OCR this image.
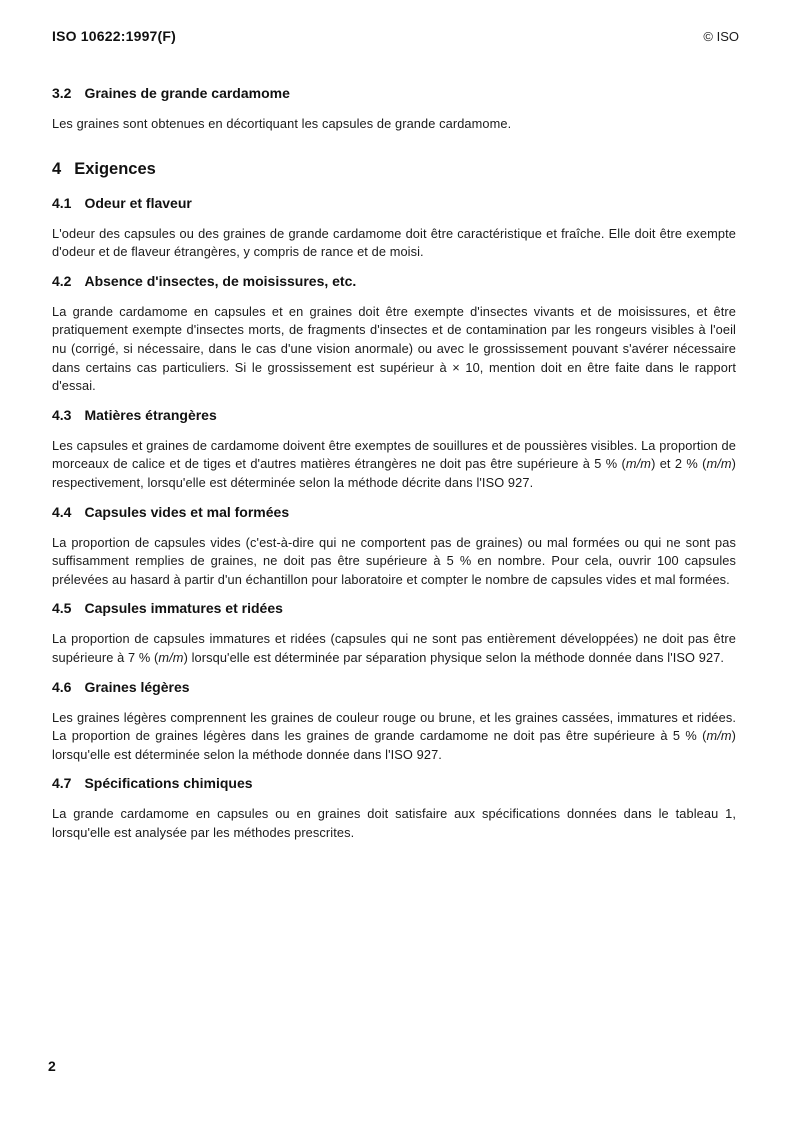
ISO 10622:1997(F)	© ISO
3.2 Graines de grande cardamome

Les graines sont obtenues en décortiquant les capsules de grande cardamome.

4 Exigences
4.1 Odeur et flaveur

L'odeur des capsules ou des graines de grande cardamome doit être caractéristique et fraîche. Elle doit être exempte d'odeur et de flaveur étrangères, y compris de rance et de moisi.

4.2 Absence d'insectes, de moisissures, etc.

La grande cardamome en capsules et en graines doit être exempte d'insectes vivants et de moisissures, et être pratiquement exempte d'insectes morts, de fragments d'insectes et de contamination par les rongeurs visibles à l'oeil nu (corrigé, si nécessaire, dans le cas d'une vision anormale) ou avec le grossissement pouvant s'avérer nécessaire dans certains cas particuliers. Si le grossissement est supérieur à × 10, mention doit en être faite dans le rapport d'essai.

4.3 Matières étrangères

Les capsules et graines de cardamome doivent être exemptes de souillures et de poussières visibles. La proportion de morceaux de calice et de tiges et d'autres matières étrangères ne doit pas être supérieure à 5 % (m/m) et 2 % (m/m) respectivement, lorsqu'elle est déterminée selon la méthode décrite dans l'ISO 927.

4.4 Capsules vides et mal formées

La proportion de capsules vides (c'est-à-dire qui ne comportent pas de graines) ou mal formées ou qui ne sont pas suffisamment remplies de graines, ne doit pas être supérieure à 5 % en nombre. Pour cela, ouvrir 100 capsules prélevées au hasard à partir d'un échantillon pour laboratoire et compter le nombre de capsules vides et mal formées.

4.5 Capsules immatures et ridées

La proportion de capsules immatures et ridées (capsules qui ne sont pas entièrement développées) ne doit pas être supérieure à 7 % (m/m) lorsqu'elle est déterminée par séparation physique selon la méthode donnée dans l'ISO 927.

4.6 Graines légères

Les graines légères comprennent les graines de couleur rouge ou brune, et les graines cassées, immatures et ridées. La proportion de graines légères dans les graines de grande cardamome ne doit pas être supérieure à 5 % (m/m) lorsqu'elle est déterminée selon la méthode donnée dans l'ISO 927.

4.7 Spécifications chimiques

La grande cardamome en capsules ou en graines doit satisfaire aux spécifications données dans le tableau 1, lorsqu'elle est analysée par les méthodes prescrites.

2
